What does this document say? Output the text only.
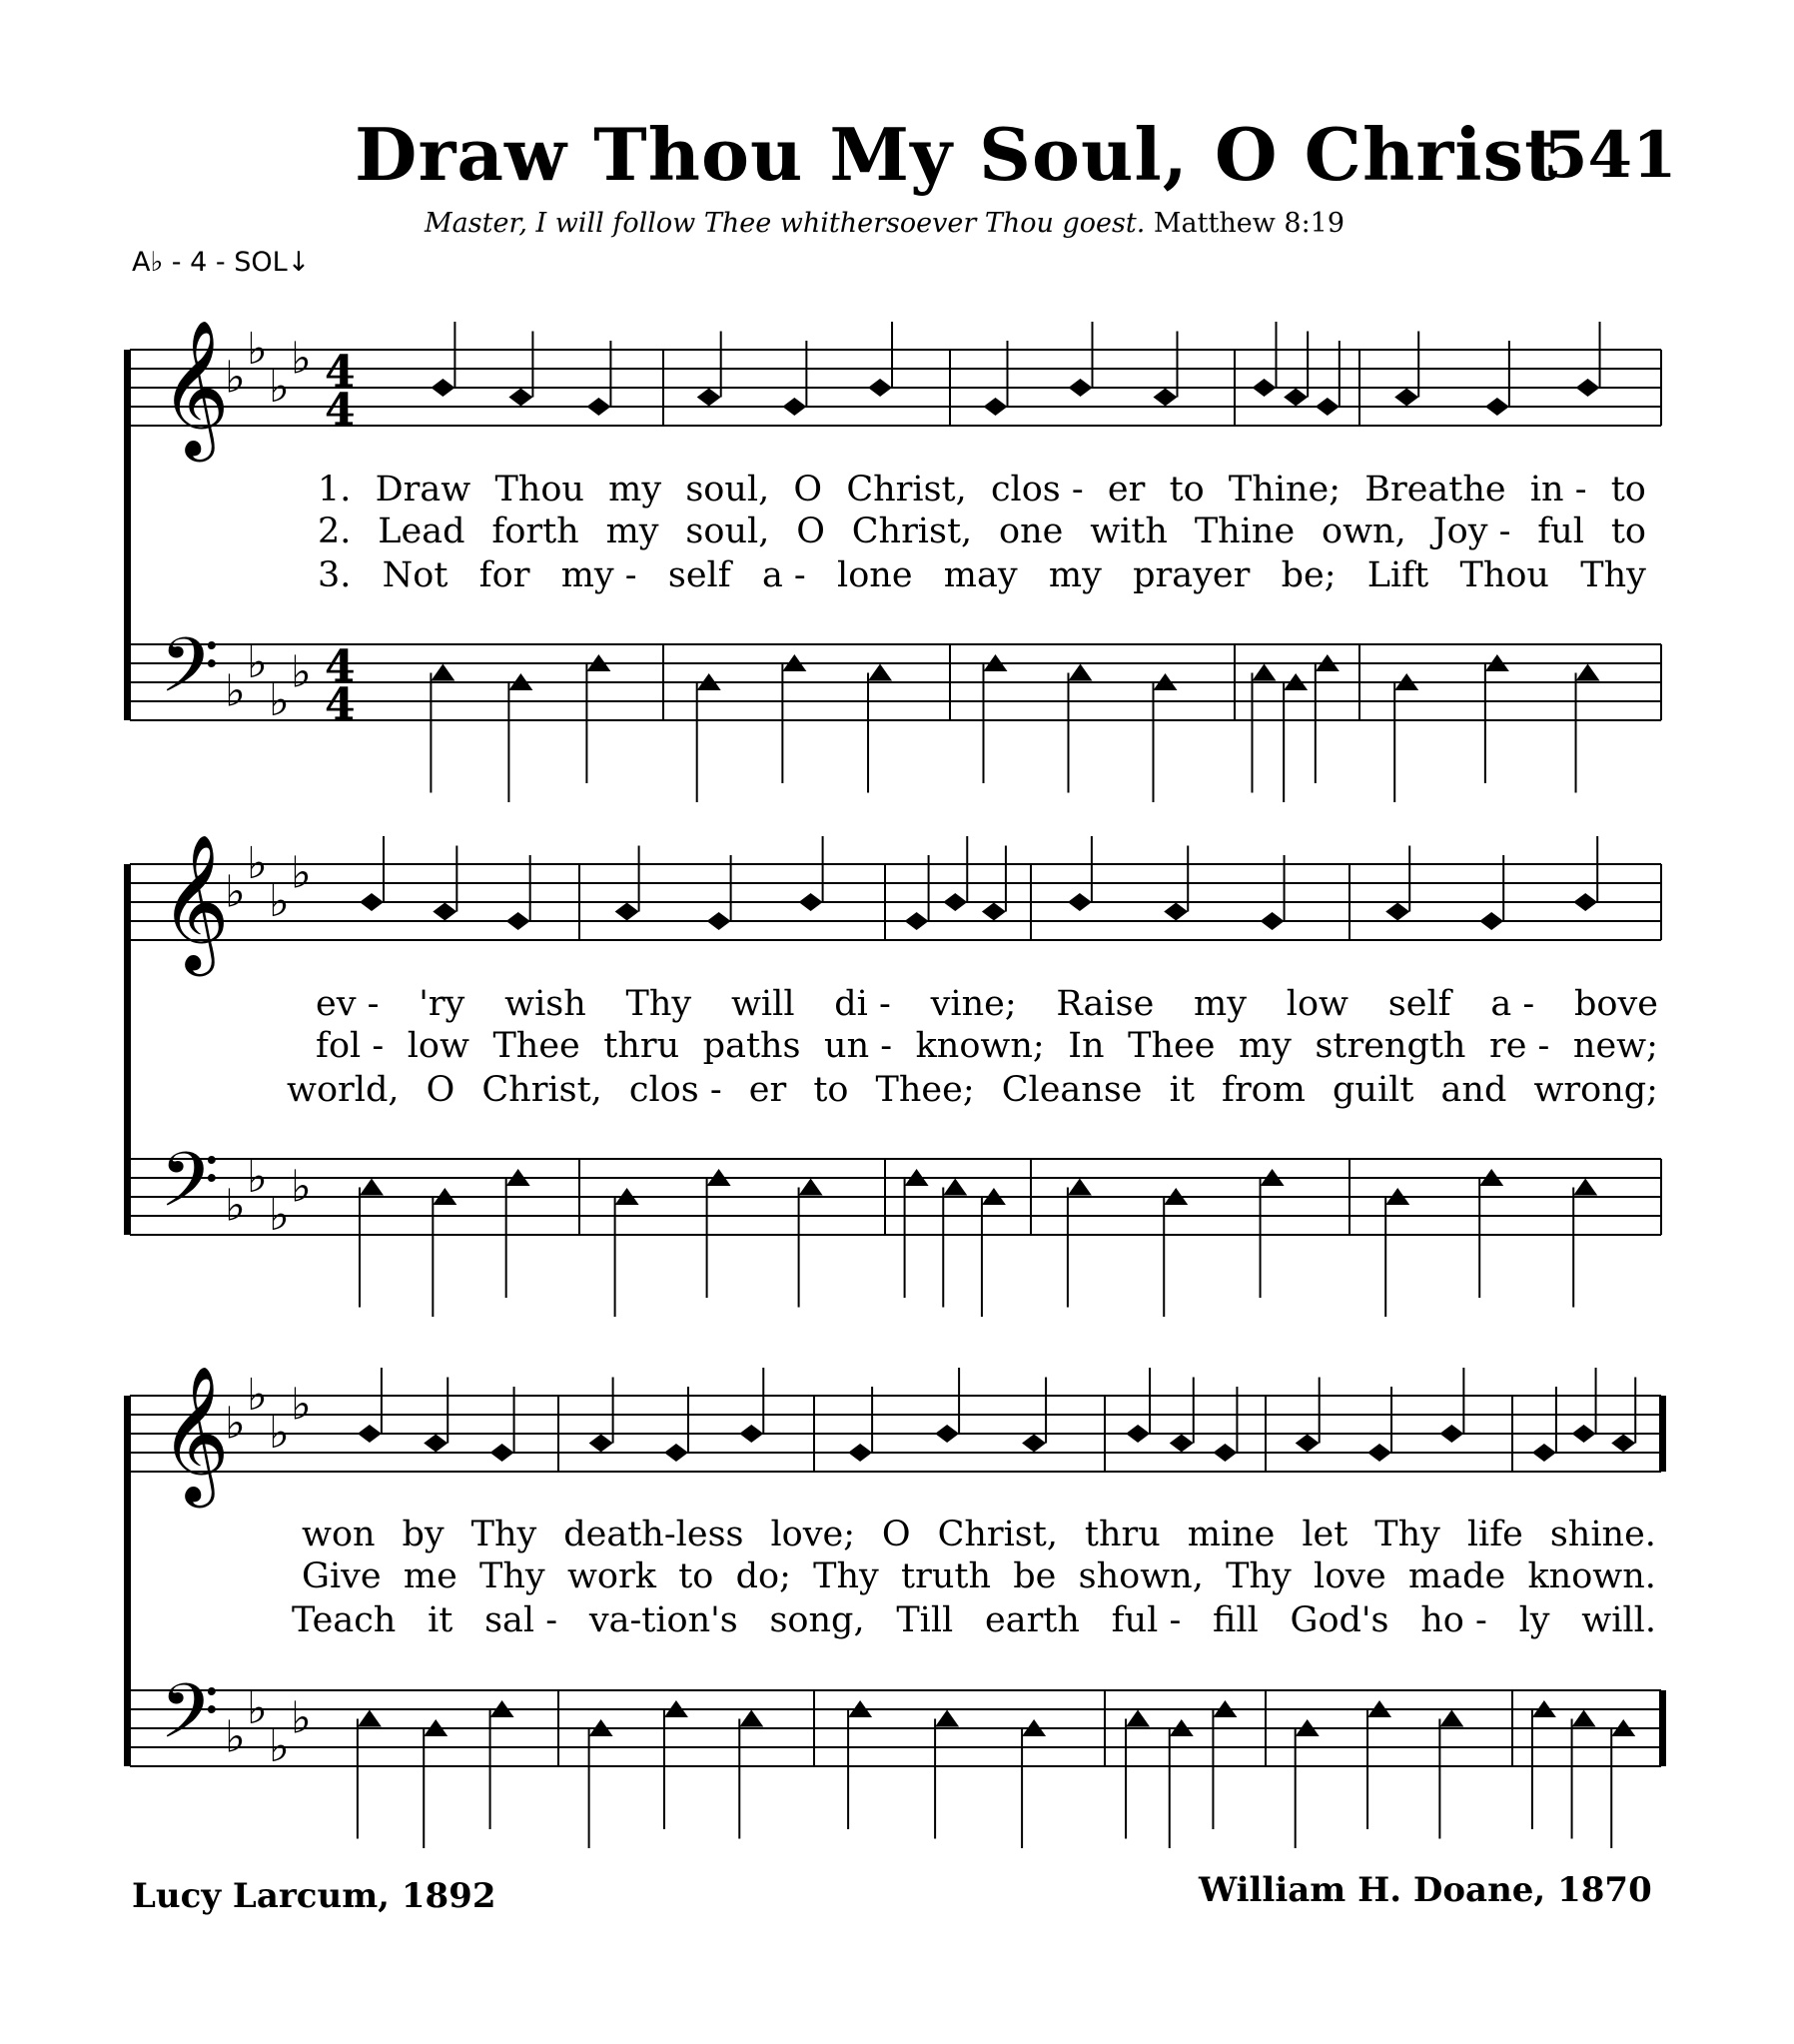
Draw Thou My Soul, O Christ
541
Master, I will follow Thee whithersoever Thou goest. Matthew 8:19
A♭ - 4 - SOL↓
𝄞
𝄢
♭
♭
♭
♭
♭
♭
♭
♭
4
4
4
4
𝄞
𝄢
♭
♭
♭
♭
♭
♭
♭
♭
𝄞
𝄢
♭
♭
♭
♭
♭
♭
♭
♭
1. Draw Thou my soul, O Christ, clos - er to Thine; Breathe in - to
2. Lead forth my soul, O Christ, one with Thine own, Joy - ful to
3. Not for my - self a - lone may my prayer be; Lift Thou Thy
ev - 'ry wish Thy will di - vine; Raise my low self a - bove
fol - low Thee thru paths un - known; In Thee my strength re - new;
world, O Christ, clos - er to Thee; Cleanse it from guilt and wrong;
won by Thy death-less love; O Christ, thru mine let Thy life shine.
Give me Thy work to do; Thy truth be shown, Thy love made known.
Teach it sal - va-tion's song, Till earth ful - fill God's ho - ly will.
Lucy Larcum, 1892	William H. Doane, 1870
